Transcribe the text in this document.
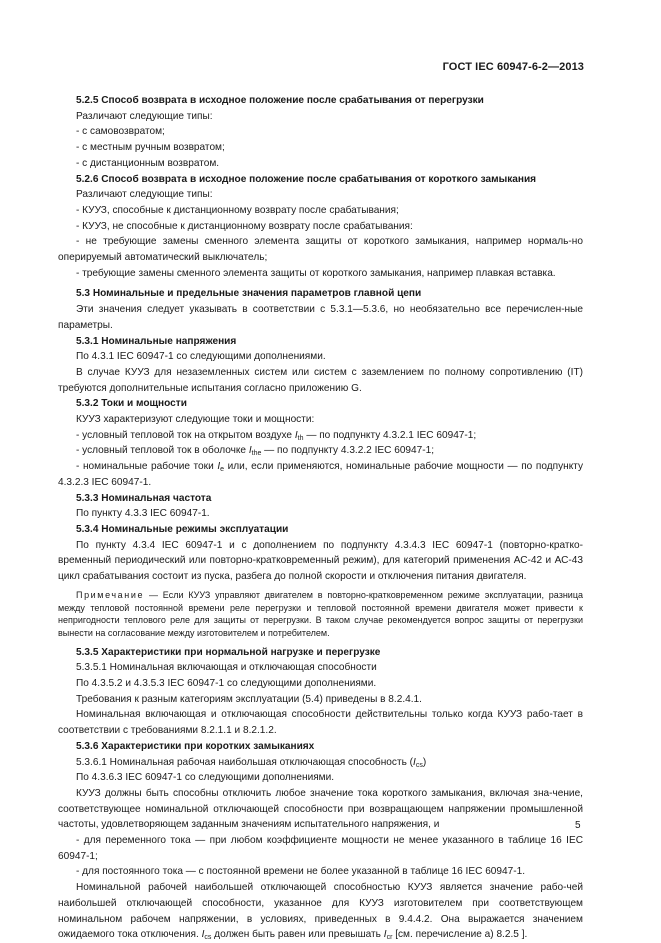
ГОСТ IEC 60947-6-2—2013

5.2.5 Способ возврата в исходное положение после срабатывания от перегрузки

Различают следующие типы:

- с самовозвратом;

- с местным ручным возвратом;

- с дистанционным возвратом.

5.2.6 Способ возврата в исходное положение после срабатывания от короткого замыкания

Различают следующие типы:

- КУУЗ, способные к дистанционному возврату после срабатывания;

- КУУЗ, не способные к дистанционному возврату после срабатывания:

- не требующие замены сменного элемента защиты от короткого замыкания, например нормаль-но оперируемый автоматический выключатель;

- требующие замены сменного элемента защиты от короткого замыкания, например плавкая вставка.

5.3 Номинальные и предельные значения параметров главной цепи

Эти значения следует указывать в соответствии с 5.3.1—5.3.6, но необязательно все перечислен-ные параметры.

5.3.1 Номинальные напряжения

По 4.3.1 IEC 60947-1 со следующими дополнениями.

В случае КУУЗ для незаземленных систем или систем с заземлением по полному сопротивлению (IT) требуются дополнительные испытания согласно приложению G.

5.3.2 Токи и мощности

КУУЗ характеризуют следующие токи и мощности:

- условный тепловой ток на открытом воздухе $I_{th}$ — по подпункту 4.3.2.1 IEC 60947-1;

- условный тепловой ток в оболочке $I_{the}$ — по подпункту 4.3.2.2 IEC 60947-1;

- номинальные рабочие токи $I_e$ или, если применяются, номинальные рабочие мощности — по подпункту 4.3.2.3 IEC 60947-1.

5.3.3 Номинальная частота

По пункту 4.3.3 IEC 60947-1.

5.3.4 Номинальные режимы эксплуатации

По пункту 4.3.4 IEC 60947-1 и с дополнением по подпункту 4.3.4.3 IEC 60947-1 (повторно-кратко-временный периодический или повторно-кратковременный режим), для категорий применения АС-42 и АС-43 цикл срабатывания состоит из пуска, разбега до полной скорости и отключения питания двигателя.

Примечание — Если КУУЗ управляют двигателем в повторно-кратковременном режиме эксплуатации, разница между тепловой постоянной времени реле перегрузки и тепловой постоянной времени двигателя может привести к непригодности теплового реле для защиты от перегрузки. В таком случае рекомендуется вопрос защиты от перегрузки вынести на согласование между изготовителем и потребителем.

5.3.5 Характеристики при нормальной нагрузке и перегрузке

5.3.5.1 Номинальная включающая и отключающая способности

По 4.3.5.2 и 4.3.5.3 IEC 60947-1 со следующими дополнениями.

Требования к разным категориям эксплуатации (5.4) приведены в 8.2.4.1.

Номинальная включающая и отключающая способности действительны только когда КУУЗ рабо-тает в соответствии с требованиями 8.2.1.1 и 8.2.1.2.

5.3.6 Характеристики при коротких замыканиях

5.3.6.1 Номинальная рабочая наибольшая отключающая способность $(I_{cs})$

По 4.3.6.3 IEC 60947-1 со следующими дополнениями.

КУУЗ должны быть способны отключить любое значение тока короткого замыкания, включая зна-чение, соответствующее номинальной отключающей способности при возвращающем напряжении промышленной частоты, удовлетворяющем заданным значениям испытательного напряжения, и

- для переменного тока — при любом коэффициенте мощности не менее указанного в таблице 16 IEC 60947-1;

- для постоянного тока — с постоянной времени не более указанной в таблице 16 IEC 60947-1.

Номинальной рабочей наибольшей отключающей способностью КУУЗ является значение рабо-чей наибольшей отключающей способности, указанное для КУУЗ изготовителем при соответствующем номинальном рабочем напряжении, в условиях, приведенных в 9.4.4.2. Она выражается значением ожидаемого тока отключения. $I_{cs}$ должен быть равен или превышать $I_{cr}$ [см. перечисление а) 8.2.5 ].

5
